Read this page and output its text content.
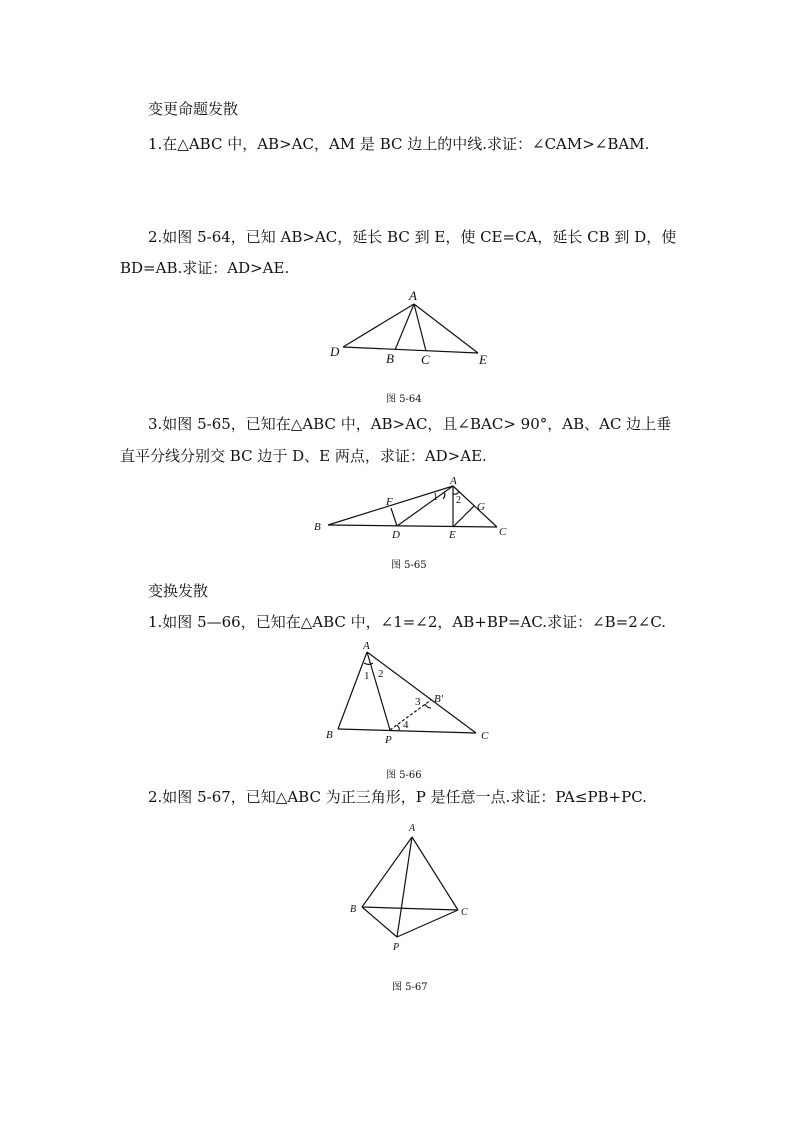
变更命题发散
1.在△ABC 中，AB>AC，AM 是 BC 边上的中线.求证：∠CAM>∠BAM.
2.如图 5-64，已知 AB>AC，延长 BC 到 E，使 CE=CA，延长 CB 到 D，使
BD=AB.求证：AD>AE.
A
D	B C	E
图 5-64
3.如图 5-65，已知在△ABC 中，AB>AC，且∠BAC> 90°，AB、AC 边上垂
直平分线分别交 BC 边于 D、E 两点，求证：AD>AE.
A
F	G
B
D	E	C
1 2
图 5-65
变换发散
1.如图 5—66，已知在△ABC 中，∠1=∠2，AB+BP=AC.求证：∠B=2∠C.
A
1 2
3 B′
4
B	P	C
图 5-66
2.如图 5-67，已知△ABC 为正三角形，P 是任意一点.求证：PA≤PB+PC.
A
B	C
P
图 5-67
